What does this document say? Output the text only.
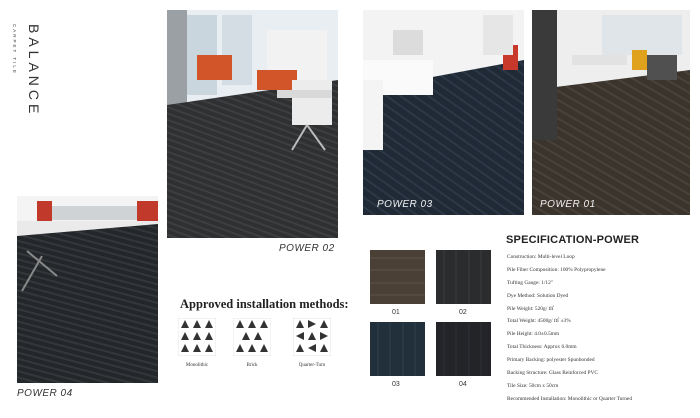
BALANCE
CARPET TILE
POWER 02
POWER 03	POWER 01
POWER 04
Approved installation methods:
Monolithic	Brick	Quarter-Turn
01	02
03	04
SPECIFICATION-POWER
Construction: Multi-level Loop
Pile Fiber Composition: 100% Polypropylene
Tufting Gauge: 1/12"
Dye Method: Solution Dyed
Pile Weight: 520g/ ㎡
Total Weight: 4500g/ ㎡ ±3%
Pile Height: 4.0±0.5mm
Total Thickness: Approx 6.0mm
Primary Backing: polyester Spunbonded
Backing Structure: Glass Reinforced PVC
Tile Size: 50cm x 50cm
Recommended Installation: Monolithic or Quarter Turned
